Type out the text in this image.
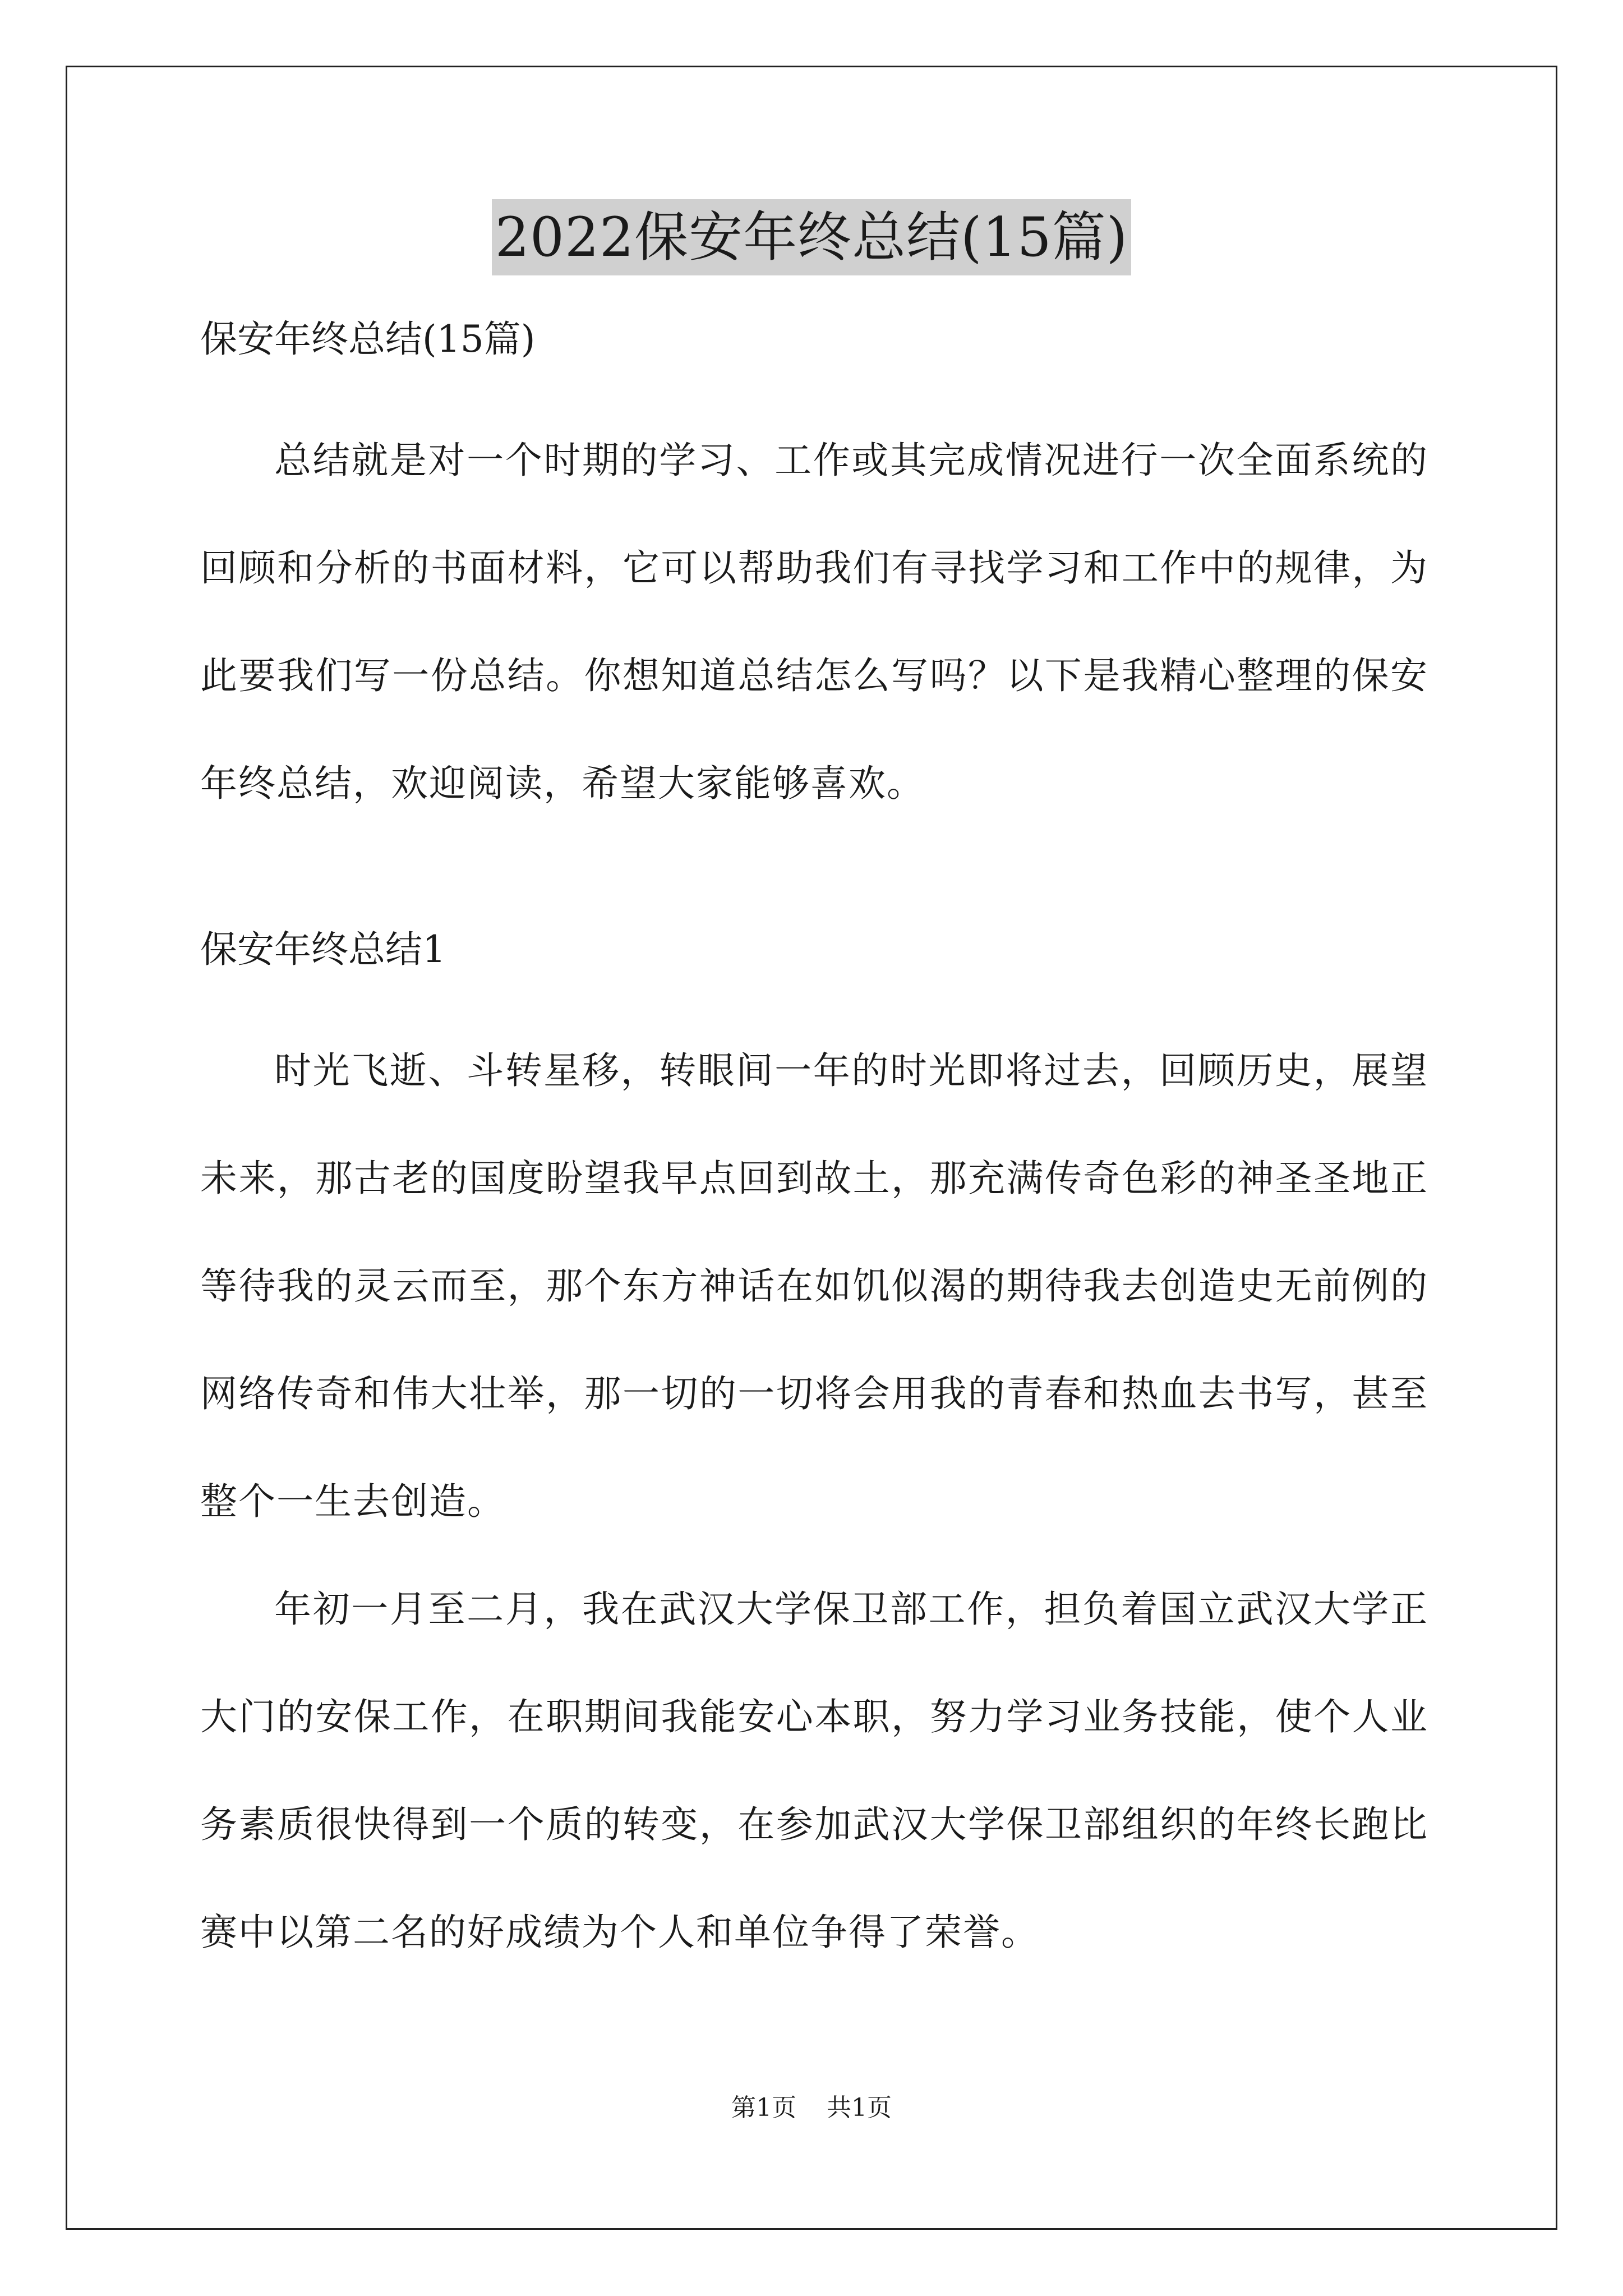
2022保安年终总结(15篇)

保安年终总结(15篇)

总结就是对一个时期的学习、工作或其完成情况进行一次全面系统的回顾和分析的书面材料，它可以帮助我们有寻找学习和工作中的规律，为此要我们写一份总结。你想知道总结怎么写吗？以下是我精心整理的保安年终总结，欢迎阅读，希望大家能够喜欢。

保安年终总结1

时光飞逝、斗转星移，转眼间一年的时光即将过去，回顾历史，展望未来，那古老的国度盼望我早点回到故土，那充满传奇色彩的神圣圣地正等待我的灵云而至，那个东方神话在如饥似渴的期待我去创造史无前例的网络传奇和伟大壮举，那一切的一切将会用我的青春和热血去书写，甚至整个一生去创造。

年初一月至二月，我在武汉大学保卫部工作，担负着国立武汉大学正大门的安保工作，在职期间我能安心本职，努力学习业务技能，使个人业务素质很快得到一个质的转变，在参加武汉大学保卫部组织的年终长跑比赛中以第二名的好成绩为个人和单位争得了荣誉。

第1页 共1页
